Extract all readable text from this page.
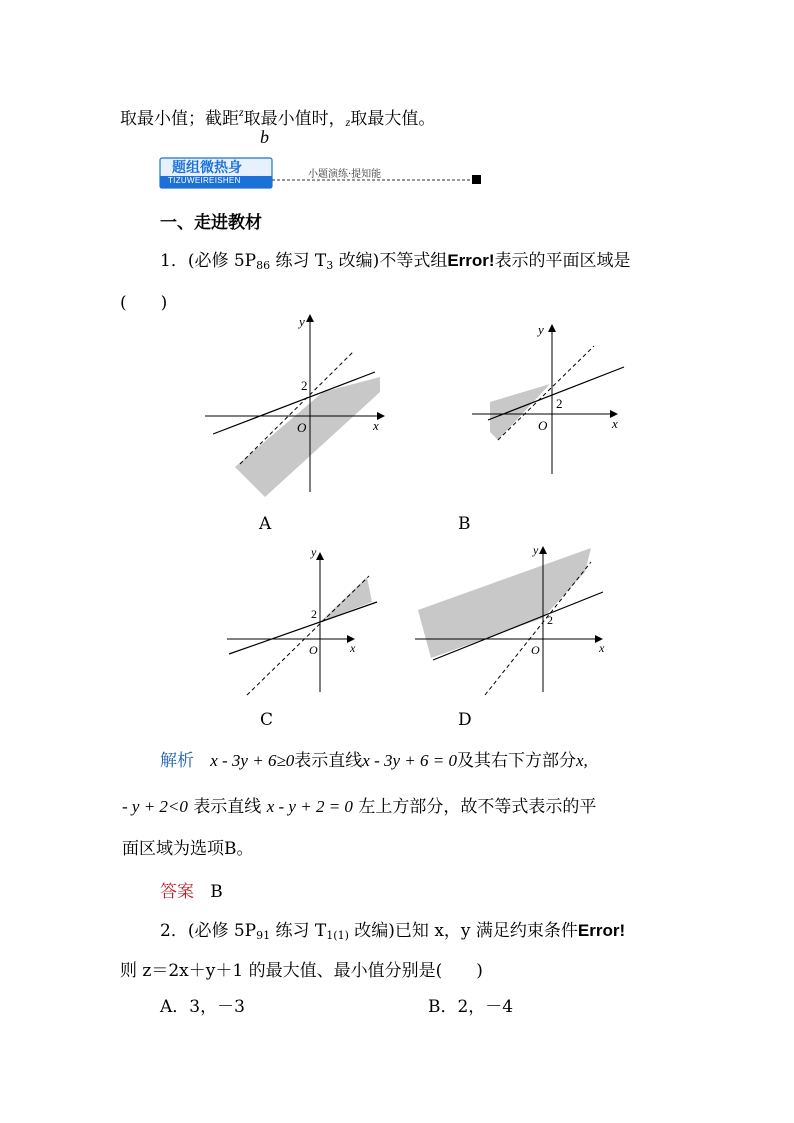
取最小值；截距$^z$取最小值时，z取最大值。
b
题组微热身
TIZUWEIREISHEN
小题演练·提知能
一、走进教材
1．(必修 $5P_{86}$ 练习 $T_3$ 改编)不等式组Error!表示的平面区域是
(　　)
y
x
O
2
A
y
x
O
2
B
y
x
O
2
C
y
x
O
2
D
解析 x - 3y + 6≥0表示直线x - 3y + 6 = 0及其右下方部分x,
- y + 2<0 表示直线 x - y + 2 = 0 左上方部分，故不等式表示的平
面区域为选项B。
答案 B
2．(必修 $5P_{91}$ 练习 $T_{1(1)}$ 改编)已知 x，y 满足约束条件Error!
则 z＝2x＋y＋1 的最大值、最小值分别是(　　)
A．3，－3	B．2，－4
